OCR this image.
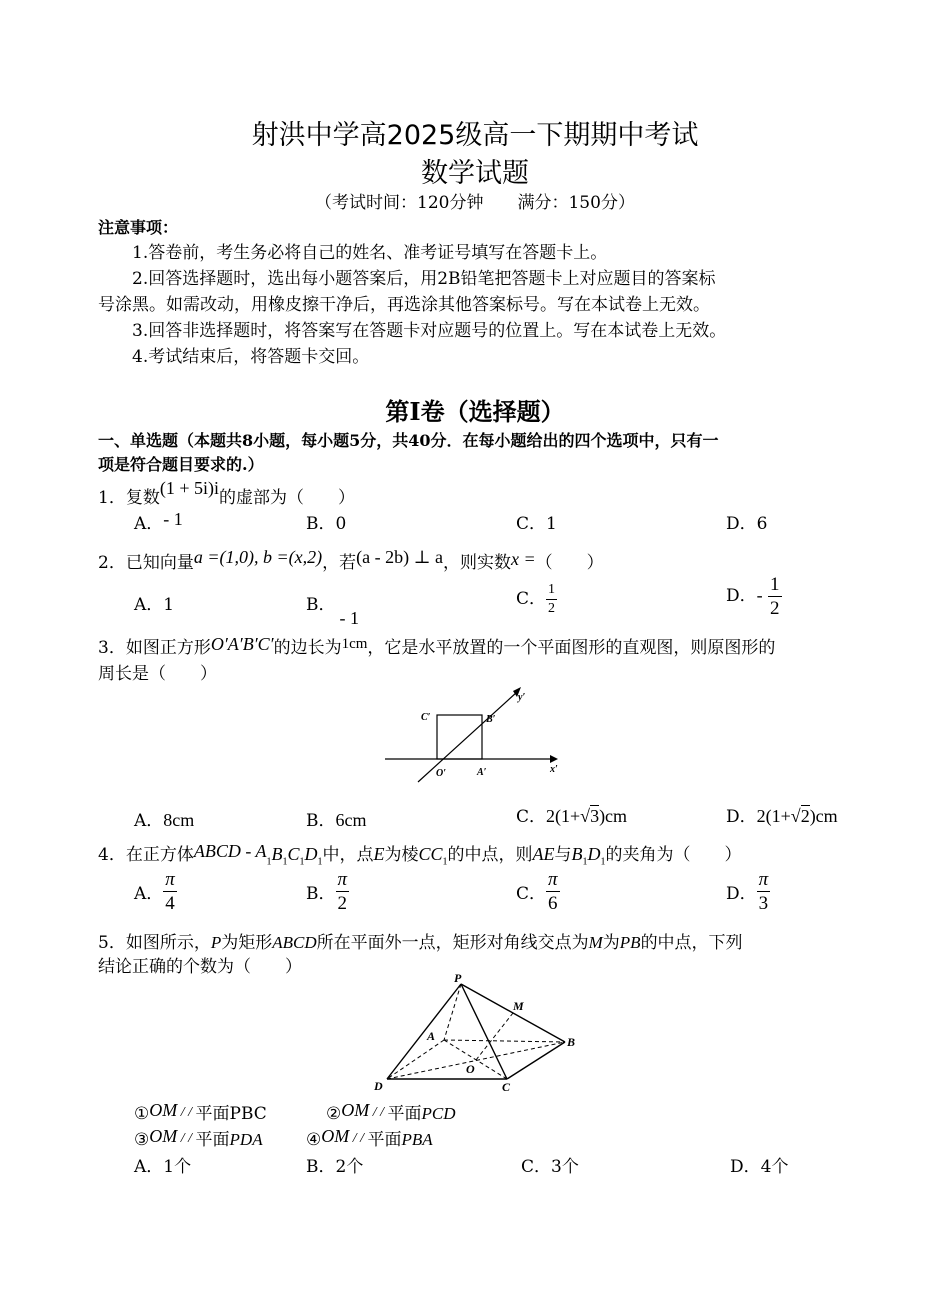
射洪中学高2025级高一下期期中考试
数学试题
（考试时间：120分钟　　满分：150分）
注意事项：
1.答卷前，考生务必将自己的姓名、准考证号填写在答题卡上。
2.回答选择题时，选出每小题答案后，用2B铅笔把答题卡上对应题目的答案标
号涂黑。如需改动，用橡皮擦干净后，再选涂其他答案标号。写在本试卷上无效。
3.回答非选择题时，将答案写在答题卡对应题号的位置上。写在本试卷上无效。
4.考试结束后，将答题卡交回。
第I卷（选择题）
一、单选题（本题共8小题，每小题5分，共40分．在每小题给出的四个选项中，只有一
项是符合题目要求的.）
1．复数(1 + 5i)i的虚部为（　　）
A．- 1	B．0	C．1	D．6
2．已知向量a =(1,0), b =(x,2)，若(a - 2b) ⊥ a，则实数x =（　　）
A．1	B．- 1
C． $\frac{1}{2}$	D．- $\frac{1}{2}$
3．如图正方形O′A′B′C′的边长为1cm，它是水平放置的一个平面图形的直观图，则原图形的
周长是（　　）
y′
x′
C′	B′
O′	A′
A．8cm	B．6cm	C．2(1+√3)cm	D．2(1+√2)cm
4．在正方体ABCD - $A_1B_1C_1D_1$中，点E为棱$CC_1$的中点，则AE与$B_1D_1$的夹角为（　　）
A． $\frac{\pi}{4}$	B． $\frac{\pi}{2}$	C． $\frac{\pi}{6}$	D． $\frac{\pi}{3}$
5．如图所示，P为矩形ABCD所在平面外一点，矩形对角线交点为M为PB的中点，下列
结论正确的个数为（　　）
P
M
A	B
O
D	C
①OM / / 平面PBC	②OM / / 平面PCD
③OM / / 平面PDA	④OM / / 平面PBA
A．1个	B．2个	C．3个	D．4个
